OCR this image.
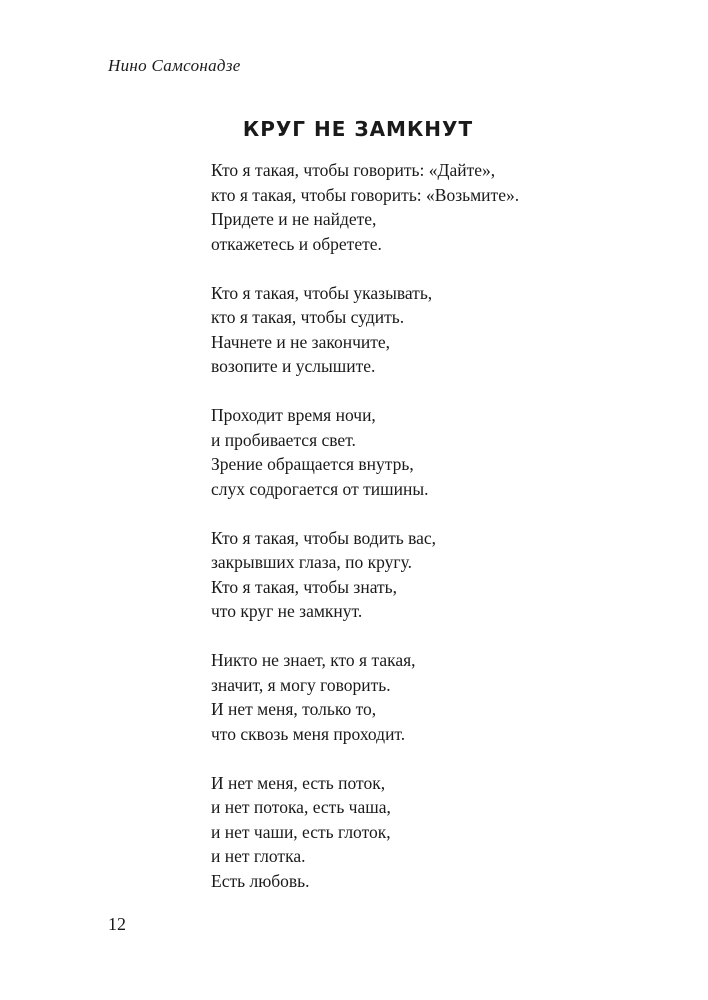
Нино Самсонадзе
КРУГ НЕ ЗАМКНУТ
Кто я такая, чтобы говорить: «Дайте»,
кто я такая, чтобы говорить: «Возьмите».
Придете и не найдете,
откажетесь и обретете.
Кто я такая, чтобы указывать,
кто я такая, чтобы судить.
Начнете и не закончите,
возопите и услышите.
Проходит время ночи,
и пробивается свет.
Зрение обращается внутрь,
слух содрогается от тишины.
Кто я такая, чтобы водить вас,
закрывших глаза, по кругу.
Кто я такая, чтобы знать,
что круг не замкнут.
Никто не знает, кто я такая,
значит, я могу говорить.
И нет меня, только то,
что сквозь меня проходит.
И нет меня, есть поток,
и нет потока, есть чаша,
и нет чаши, есть глоток,
и нет глотка.
Есть любовь.
12
